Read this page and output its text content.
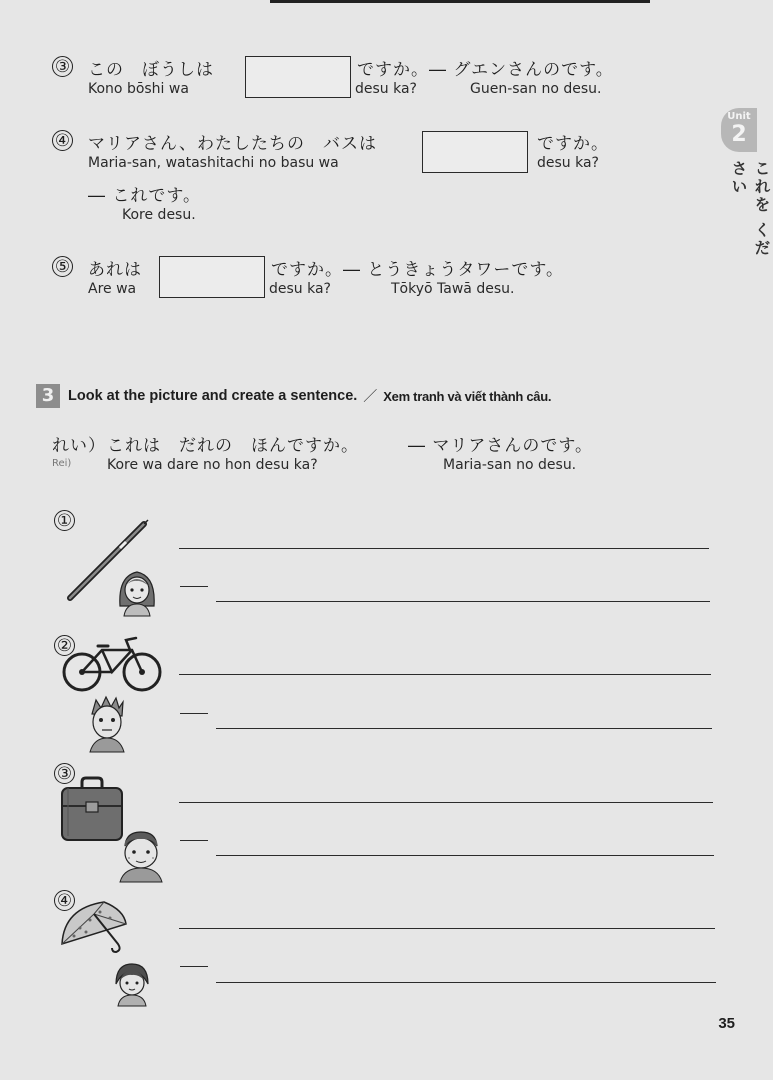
Unit
2
これを ください
③ この　ぼうしは	ですか。― グエンさんのです。
Kono bōshi wa	desu ka?	Guen-san no desu.
④ マリアさん、わたしたちの　バスは	ですか。
Maria-san, watashitachi no basu wa	desu ka?
― これです。
Kore desu.
⑤ あれは	ですか。― とうきょうタワーです。
Are wa	desu ka?	Tōkyō Tawā desu.
3 Look at the picture and create a sentence. ／ Xem tranh và viết thành câu.
れい） これは　だれの　ほんですか。	― マリアさんのです。
Rei)	Kore wa dare no hon desu ka?	Maria-san no desu.
①
②
③
④
35
